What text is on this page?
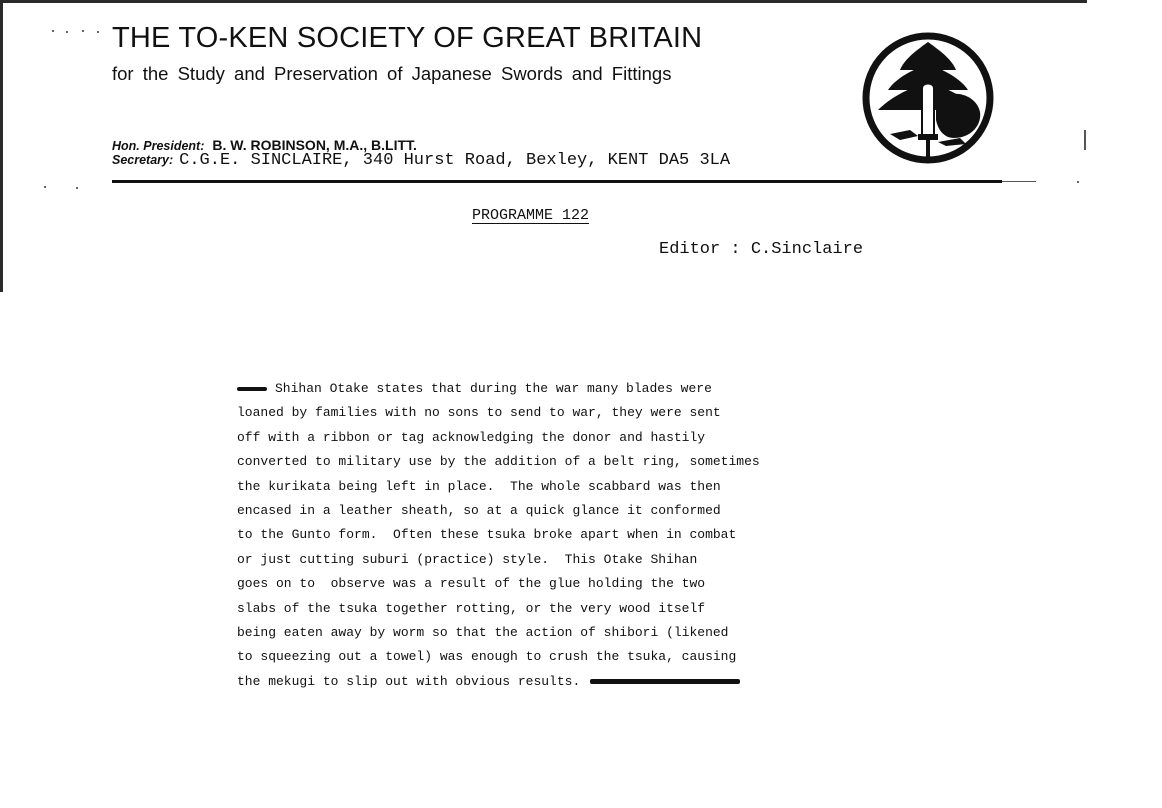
THE TO-KEN SOCIETY OF GREAT BRITAIN

for the Study and Preservation of Japanese Swords and Fittings

Hon. President: B. W. ROBINSON, M.A., B.LITT.
Secretary: C.G.E. SINCLAIRE, 340 Hurst Road, Bexley, KENT DA5 3LA

PROGRAMME 122

Editor : C.Sinclaire

Shihan Otake states that during the war many blades were
loaned by families with no sons to send to war, they were sent
off with a ribbon or tag acknowledging the donor and hastily
converted to military use by the addition of a belt ring, sometimes
the kurikata being left in place.  The whole scabbard was then
encased in a leather sheath, so at a quick glance it conformed
to the Gunto form.  Often these tsuka broke apart when in combat
or just cutting suburi (practice) style.  This Otake Shihan
goes on to  observe was a result of the glue holding the two
slabs of the tsuka together rotting, or the very wood itself
being eaten away by worm so that the action of shibori (likened
to squeezing out a towel) was enough to crush the tsuka, causing
the mekugi to slip out with obvious results.
